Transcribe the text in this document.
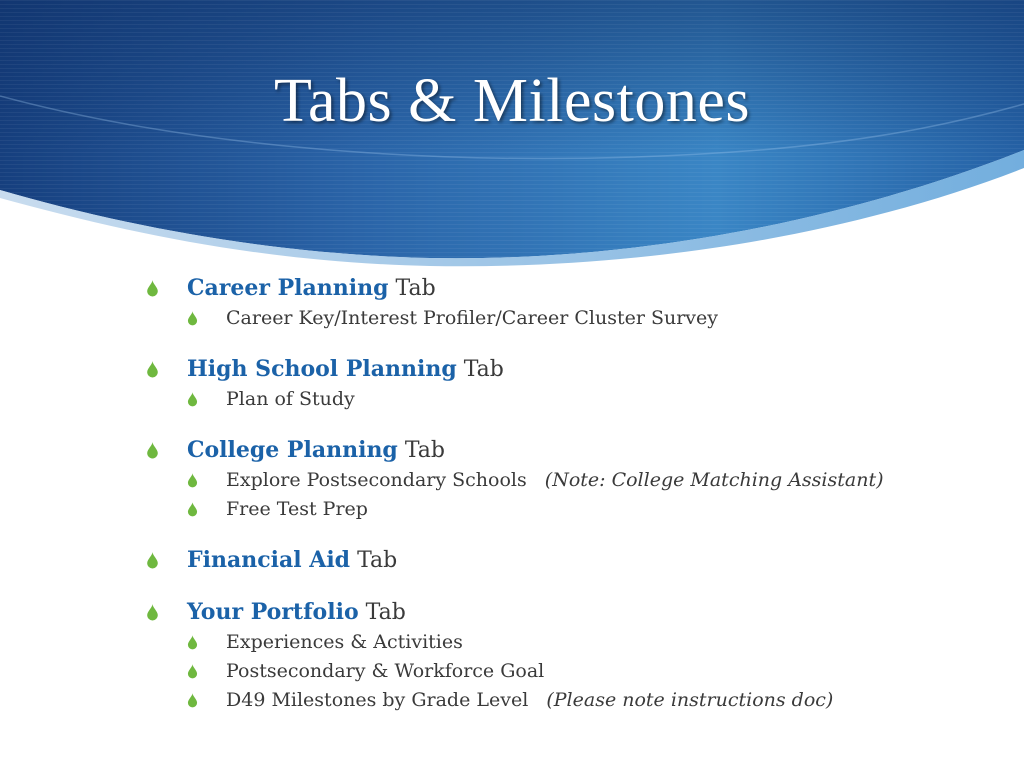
Tabs & Milestones
Career Planning Tab
Career Key/Interest Profiler/Career Cluster Survey
High School Planning Tab
Plan of Study
College Planning Tab
Explore Postsecondary Schools (Note: College Matching Assistant)
Free Test Prep
Financial Aid Tab
Your Portfolio Tab
Experiences & Activities
Postsecondary & Workforce Goal
D49 Milestones by Grade Level (Please note instructions doc)
